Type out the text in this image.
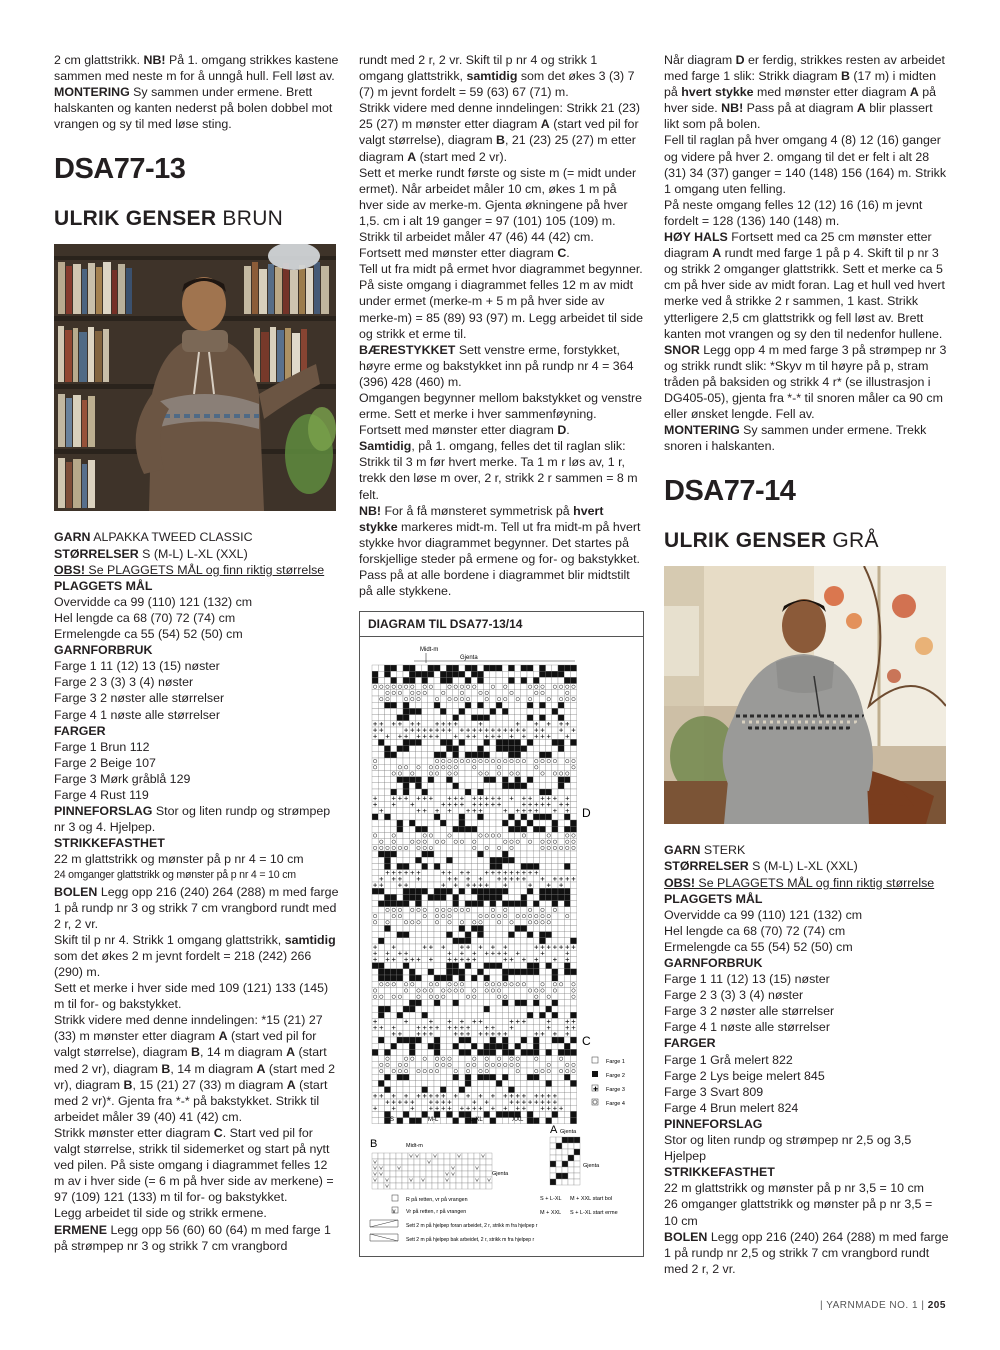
2 cm glattstrikk. NB! På 1. omgang strikkes kastene sammen med neste m for å unngå hull. Fell løst av.

MONTERING Sy sammen under ermene. Brett halskanten og kanten nederst på bolen dobbel mot vrangen og sy til med løse sting.

DSA77-13
ULRIK GENSER BRUN

GARN ALPAKKA TWEED CLASSIC

STØRRELSER S (M-L) L-XL (XXL)

OBS! Se PLAGGETS MÅL og finn riktig størrelse

PLAGGETS MÅL

Overvidde ca 99 (110) 121 (132) cm

Hel lengde ca 68 (70) 72 (74) cm

Ermelengde ca 55 (54) 52 (50) cm

GARNFORBRUK

Farge 1 11 (12) 13 (15) nøster

Farge 2 3 (3) 3 (4) nøster

Farge 3 2 nøster alle størrelser

Farge 4 1 nøste alle størrelser

FARGER

Farge 1 Brun 112

Farge 2 Beige 107

Farge 3 Mørk gråblå 129

Farge 4 Rust 119

PINNEFORSLAG Stor og liten rundp og strømpep nr 3 og 4. Hjelpep.

STRIKKEFASTHET

22 m glattstrikk og mønster på p nr 4 = 10 cm

24 omganger glattstrikk og mønster på p nr 4 = 10 cm

BOLEN Legg opp 216 (240) 264 (288) m med farge 1 på rundp nr 3 og strikk 7 cm vrangbord rundt med 2 r, 2 vr.

Skift til p nr 4. Strikk 1 omgang glattstrikk, samtidig som det økes 2 m jevnt fordelt = 218 (242) 266 (290) m.

Sett et merke i hver side med 109 (121) 133 (145) m til for- og bakstykket.

Strikk videre med denne inndelingen: *15 (21) 27 (33) m mønster etter diagram A (start ved pil for valgt størrelse), diagram B, 14 m diagram A (start med 2 vr), diagram B, 14 m diagram A (start med 2 vr), diagram B, 15 (21) 27 (33) m diagram A (start med 2 vr)*. Gjenta fra *-* på bakstykket. Strikk til arbeidet måler 39 (40) 41 (42) cm.

Strikk mønster etter diagram C. Start ved pil for valgt størrelse, strikk til sidemerket og start på nytt ved pilen. På siste omgang i diagrammet felles 12 m av i hver side (= 6 m på hver side av merkene) = 97 (109) 121 (133) m til for- og bakstykket.

Legg arbeidet til side og strikk ermene.

ERMENE Legg opp 56 (60) 60 (64) m med farge 1 på strømpep nr 3 og strikk 7 cm vrangbord

rundt med 2 r, 2 vr. Skift til p nr 4 og strikk 1 omgang glattstrikk, samtidig som det økes 3 (3) 7 (7) m jevnt fordelt = 59 (63) 67 (71) m.

Strikk videre med denne inndelingen: Strikk 21 (23) 25 (27) m mønster etter diagram A (start ved pil for valgt størrelse), diagram B, 21 (23) 25 (27) m etter diagram A (start med 2 vr).

Sett et merke rundt første og siste m (= midt under ermet). Når arbeidet måler 10 cm, økes 1 m på hver side av merke-m. Gjenta økningene på hver 1,5. cm i alt 19 ganger = 97 (101) 105 (109) m. Strikk til arbeidet måler 47 (46) 44 (42) cm.

Fortsett med mønster etter diagram C.

Tell ut fra midt på ermet hvor diagrammet begynner. På siste omgang i diagrammet felles 12 m av midt under ermet (merke-m + 5 m på hver side av merke-m) = 85 (89) 93 (97) m. Legg arbeidet til side og strikk et erme til.

BÆRESTYKKET Sett venstre erme, forstykket, høyre erme og bakstykket inn på rundp nr 4 = 364 (396) 428 (460) m.

Omgangen begynner mellom bakstykket og venstre erme. Sett et merke i hver sammenføyning.

Fortsett med mønster etter diagram D.

Samtidig, på 1. omgang, felles det til raglan slik: Strikk til 3 m før hvert merke. Ta 1 m r løs av, 1 r, trekk den løse m over, 2 r, strikk 2 r sammen = 8 m felt.

NB! For å få mønsteret symmetrisk på hvert stykke markeres midt-m. Tell ut fra midt-m på hvert stykke hvor diagrammet begynner. Det startes på forskjellige steder på ermene og for- og bakstykket. Pass på at alle bordene i diagrammet blir midtstilt på alle stykkene.

DIAGRAM TIL DSA77-13/14
Midt-m
Gjenta
D
C
S	M-L	L-XL	XXL
Farge 1
Farge 2
✚ Farge 3
Farge 4
B	Midt-m
Gjenta
A Gjenta
Gjenta
S + L-XL M + XXL start bol
M + XXL S + L-XL start erme
R på retten, vr på vrangen
v Vr på retten, r på vrangen
Sett 2 m på hjelpep foran arbeidet, 2 r, strikk m fra hjelpep r
Sett 2 m på hjelpep bak arbeidet, 2 r, strikk m fra hjelpep r

Når diagram D er ferdig, strikkes resten av arbeidet med farge 1 slik: Strikk diagram B (17 m) i midten på hvert stykke med mønster etter diagram A på hver side. NB! Pass på at diagram A blir plassert likt som på bolen.

Fell til raglan på hver omgang 4 (8) 12 (16) ganger og videre på hver 2. omgang til det er felt i alt 28 (31) 34 (37) ganger = 140 (148) 156 (164) m. Strikk 1 omgang uten felling.

På neste omgang felles 12 (12) 16 (16) m jevnt fordelt = 128 (136) 140 (148) m.

HØY HALS Fortsett med ca 25 cm mønster etter diagram A rundt med farge 1 på p 4. Skift til p nr 3 og strikk 2 omganger glattstrikk. Sett et merke ca 5 cm på hver side av midt foran. Lag et hull ved hvert merke ved å strikke 2 r sammen, 1 kast. Strikk ytterligere 2,5 cm glattstrikk og fell løst av. Brett kanten mot vrangen og sy den til nedenfor hullene.

SNOR Legg opp 4 m med farge 3 på strømpep nr 3 og strikk rundt slik: *Skyv m til høyre på p, stram tråden på baksiden og strikk 4 r* (se illustrasjon i DG405-05), gjenta fra *-* til snoren måler ca 90 cm eller ønsket lengde. Fell av.

MONTERING Sy sammen under ermene. Trekk snoren i halskanten.

DSA77-14
ULRIK GENSER GRÅ

GARN STERK

STØRRELSER S (M-L) L-XL (XXL)

OBS! Se PLAGGETS MÅL og finn riktig størrelse

PLAGGETS MÅL

Overvidde ca 99 (110) 121 (132) cm

Hel lengde ca 68 (70) 72 (74) cm

Ermelengde ca 55 (54) 52 (50) cm

GARNFORBRUK

Farge 1 11 (12) 13 (15) nøster

Farge 2 3 (3) 3 (4) nøster

Farge 3 2 nøster alle størrelser

Farge 4 1 nøste alle størrelser

FARGER

Farge 1 Grå melert 822

Farge 2 Lys beige melert 845

Farge 3 Svart 809

Farge 4 Brun melert 824

PINNEFORSLAG

Stor og liten rundp og strømpep nr 2,5 og 3,5 Hjelpep

STRIKKEFASTHET

22 m glattstrikk og mønster på p nr 3,5 = 10 cm

26 omganger glattstrikk og mønster på p nr 3,5 = 10 cm

BOLEN Legg opp 216 (240) 264 (288) m med farge 1 på rundp nr 2,5 og strikk 7 cm vrangbord rundt med 2 r, 2 vr.

| YARNMADE NO. 1 | 205
